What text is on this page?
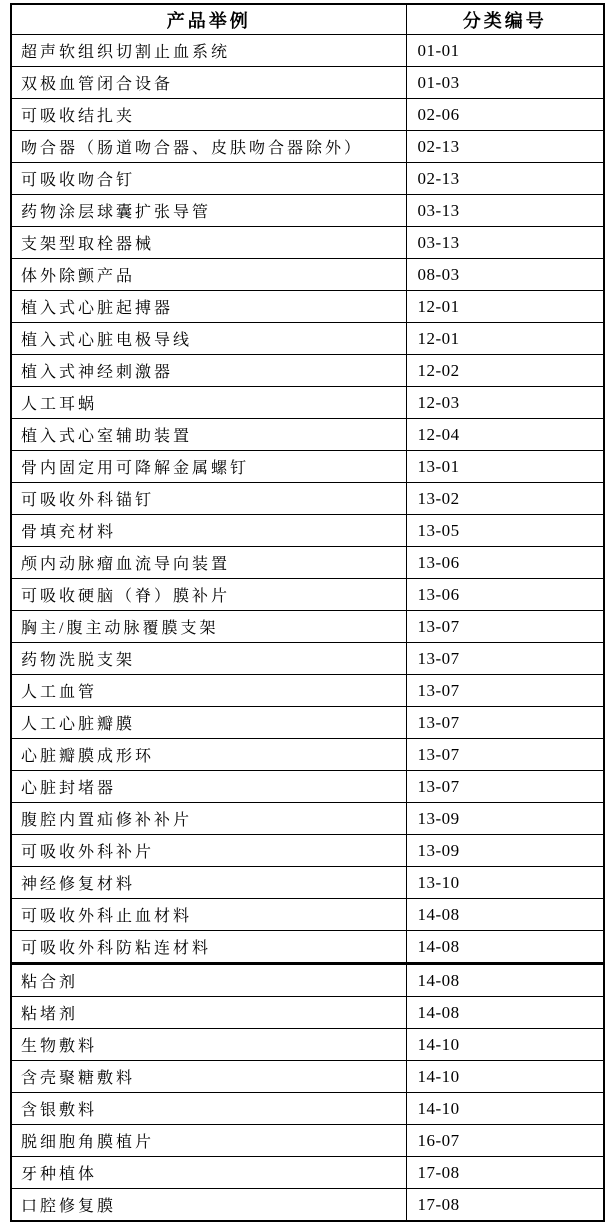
产品举例	分类编号
超声软组织切割止血系统	01-01
双极血管闭合设备	01-03
可吸收结扎夹	02-06
吻合器（肠道吻合器、皮肤吻合器除外）	02-13
可吸收吻合钉	02-13
药物涂层球囊扩张导管	03-13
支架型取栓器械	03-13
体外除颤产品	08-03
植入式心脏起搏器	12-01
植入式心脏电极导线	12-01
植入式神经刺激器	12-02
人工耳蜗	12-03
植入式心室辅助装置	12-04
骨内固定用可降解金属螺钉	13-01
可吸收外科锚钉	13-02
骨填充材料	13-05
颅内动脉瘤血流导向装置	13-06
可吸收硬脑（脊）膜补片	13-06
胸主/腹主动脉覆膜支架	13-07
药物洗脱支架	13-07
人工血管	13-07
人工心脏瓣膜	13-07
心脏瓣膜成形环	13-07
心脏封堵器	13-07
腹腔内置疝修补补片	13-09
可吸收外科补片	13-09
神经修复材料	13-10
可吸收外科止血材料	14-08
可吸收外科防粘连材料	14-08
粘合剂	14-08
粘堵剂	14-08
生物敷料	14-10
含壳聚糖敷料	14-10
含银敷料	14-10
脱细胞角膜植片	16-07
牙种植体	17-08
口腔修复膜	17-08
